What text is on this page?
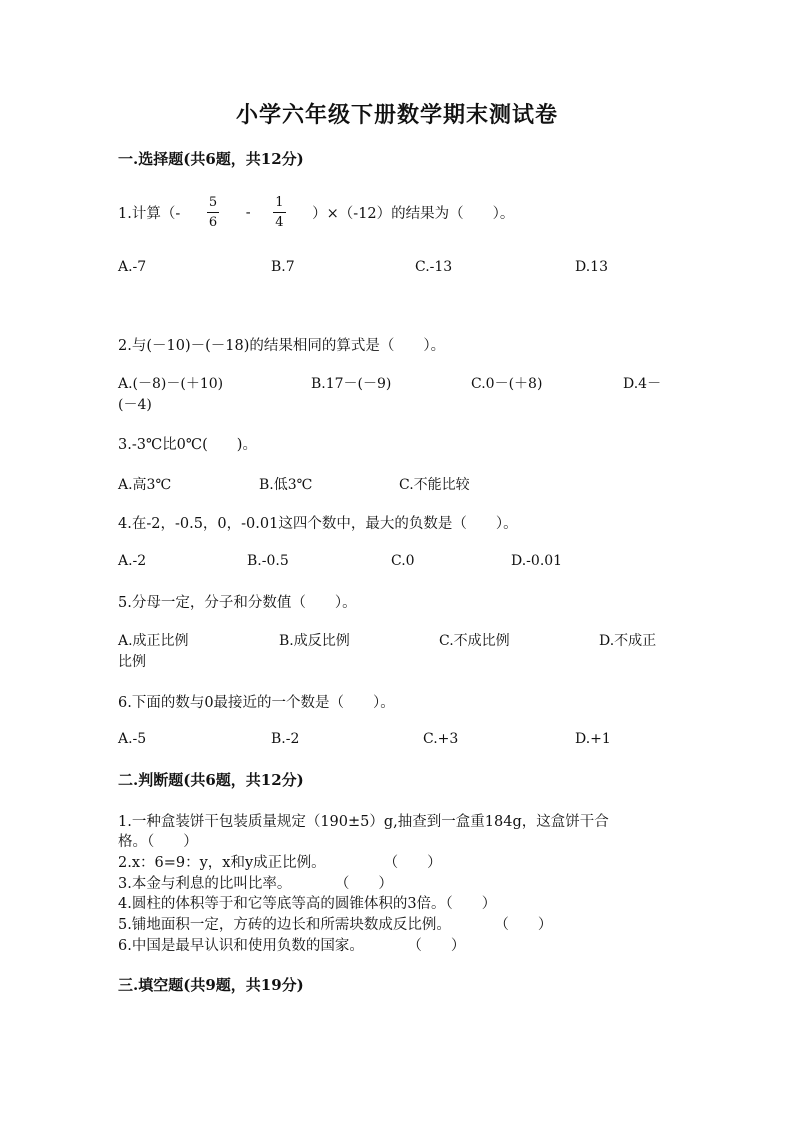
小学六年级下册数学期末测试卷
一.选择题(共6题，共12分)
1.计算（- $\frac{5}{6} - \frac{1}{4} )\times(-12)$的结果为（　　）。
A.-7	B.7	C.-13	D.13
2.与(－10)－(－18)的结果相同的算式是（　　）。
A.(－8)－(＋10)	B.17－(－9)	C.0－(＋8)	D.4－
(－4)
3.-3℃比0℃(　　)。
A.高3℃	B.低3℃	C.不能比较
4.在-2，-0.5，0，-0.01这四个数中，最大的负数是（　　）。
A.-2	B.-0.5	C.0	D.-0.01
5.分母一定，分子和分数值（　　）。
A.成正比例	B.成反比例	C.不成比例	D.不成正
比例
6.下面的数与0最接近的一个数是（　　）。
A.-5	B.-2	C.+3	D.+1
二.判断题(共6题，共12分)
1.一种盒装饼干包装质量规定（190±5）g,抽查到一盒重184g，这盒饼干合
格。（　　）
2.x：6=9：y，x和y成正比例。　　　　　（　　）
3.本金与利息的比叫比率。　　　　（　　）
4.圆柱的体积等于和它等底等高的圆锥体积的3倍。（　　）
5.铺地面积一定，方砖的边长和所需块数成反比例。　　　　（　　）
6.中国是最早认识和使用负数的国家。　　　　（　　）
三.填空题(共9题，共19分)
